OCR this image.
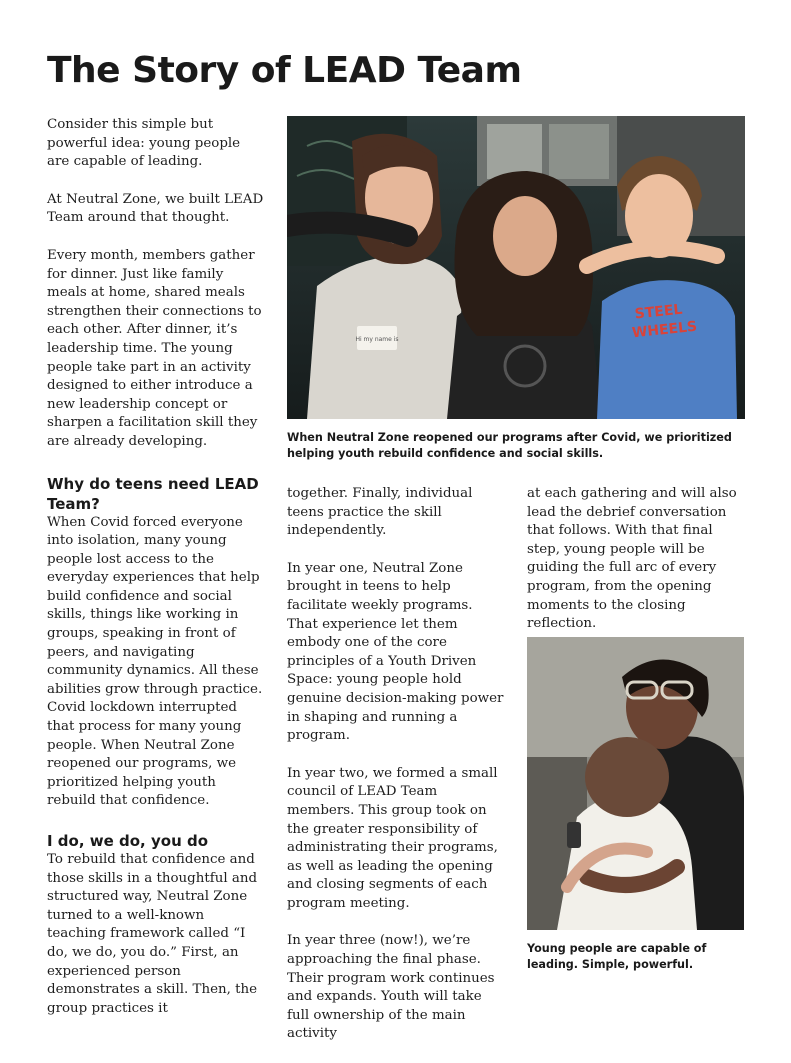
The Story of LEAD Team

Consider this simple but powerful idea: young people are capable of leading.

At Neutral Zone, we built LEAD Team around that thought.

Every month, members gather for dinner. Just like family meals at home, shared meals strengthen their connections to each other. After dinner, it’s leadership time. The young people take part in an activity designed to either introduce a new leadership concept or sharpen a facilitation skill they are already developing.

Why do teens need LEAD Team?

When Covid forced everyone into isolation, many young people lost access to the everyday experiences that help build confidence and social skills, things like working in groups, speaking in front of peers, and navigating community dynamics. All these abilities grow through practice. Covid lockdown interrupted that process for many young people. When Neutral Zone reopened our programs, we prioritized helping youth rebuild that confidence.

I do, we do, you do

To rebuild that confidence and those skills in a thoughtful and structured way, Neutral Zone turned to a well-known teaching framework called “I do, we do, you do.” First, an experienced person demonstrates a skill. Then, the group practices it

Hi my name is
STEEL
WHEELS

When Neutral Zone reopened our programs after Covid, we prioritized helping youth rebuild confidence and social skills.

together. Finally, individual teens practice the skill independently.

In year one, Neutral Zone brought in teens to help facilitate weekly programs. That experience let them embody one of the core principles of a Youth Driven Space: young people hold genuine decision-making power in shaping and running a program.

In year two, we formed a small council of LEAD Team members. This group took on the greater responsibility of administrating their programs, as well as leading the opening and closing segments of each program meeting.

In year three (now!), we’re approaching the final phase. Their program work continues and expands. Youth will take full ownership of the main activity

at each gathering and will also lead the debrief conversation that follows. With that final step, young people will be guiding the full arc of every program, from the opening moments to the closing reflection.

Young people are capable of leading. Simple, powerful.
